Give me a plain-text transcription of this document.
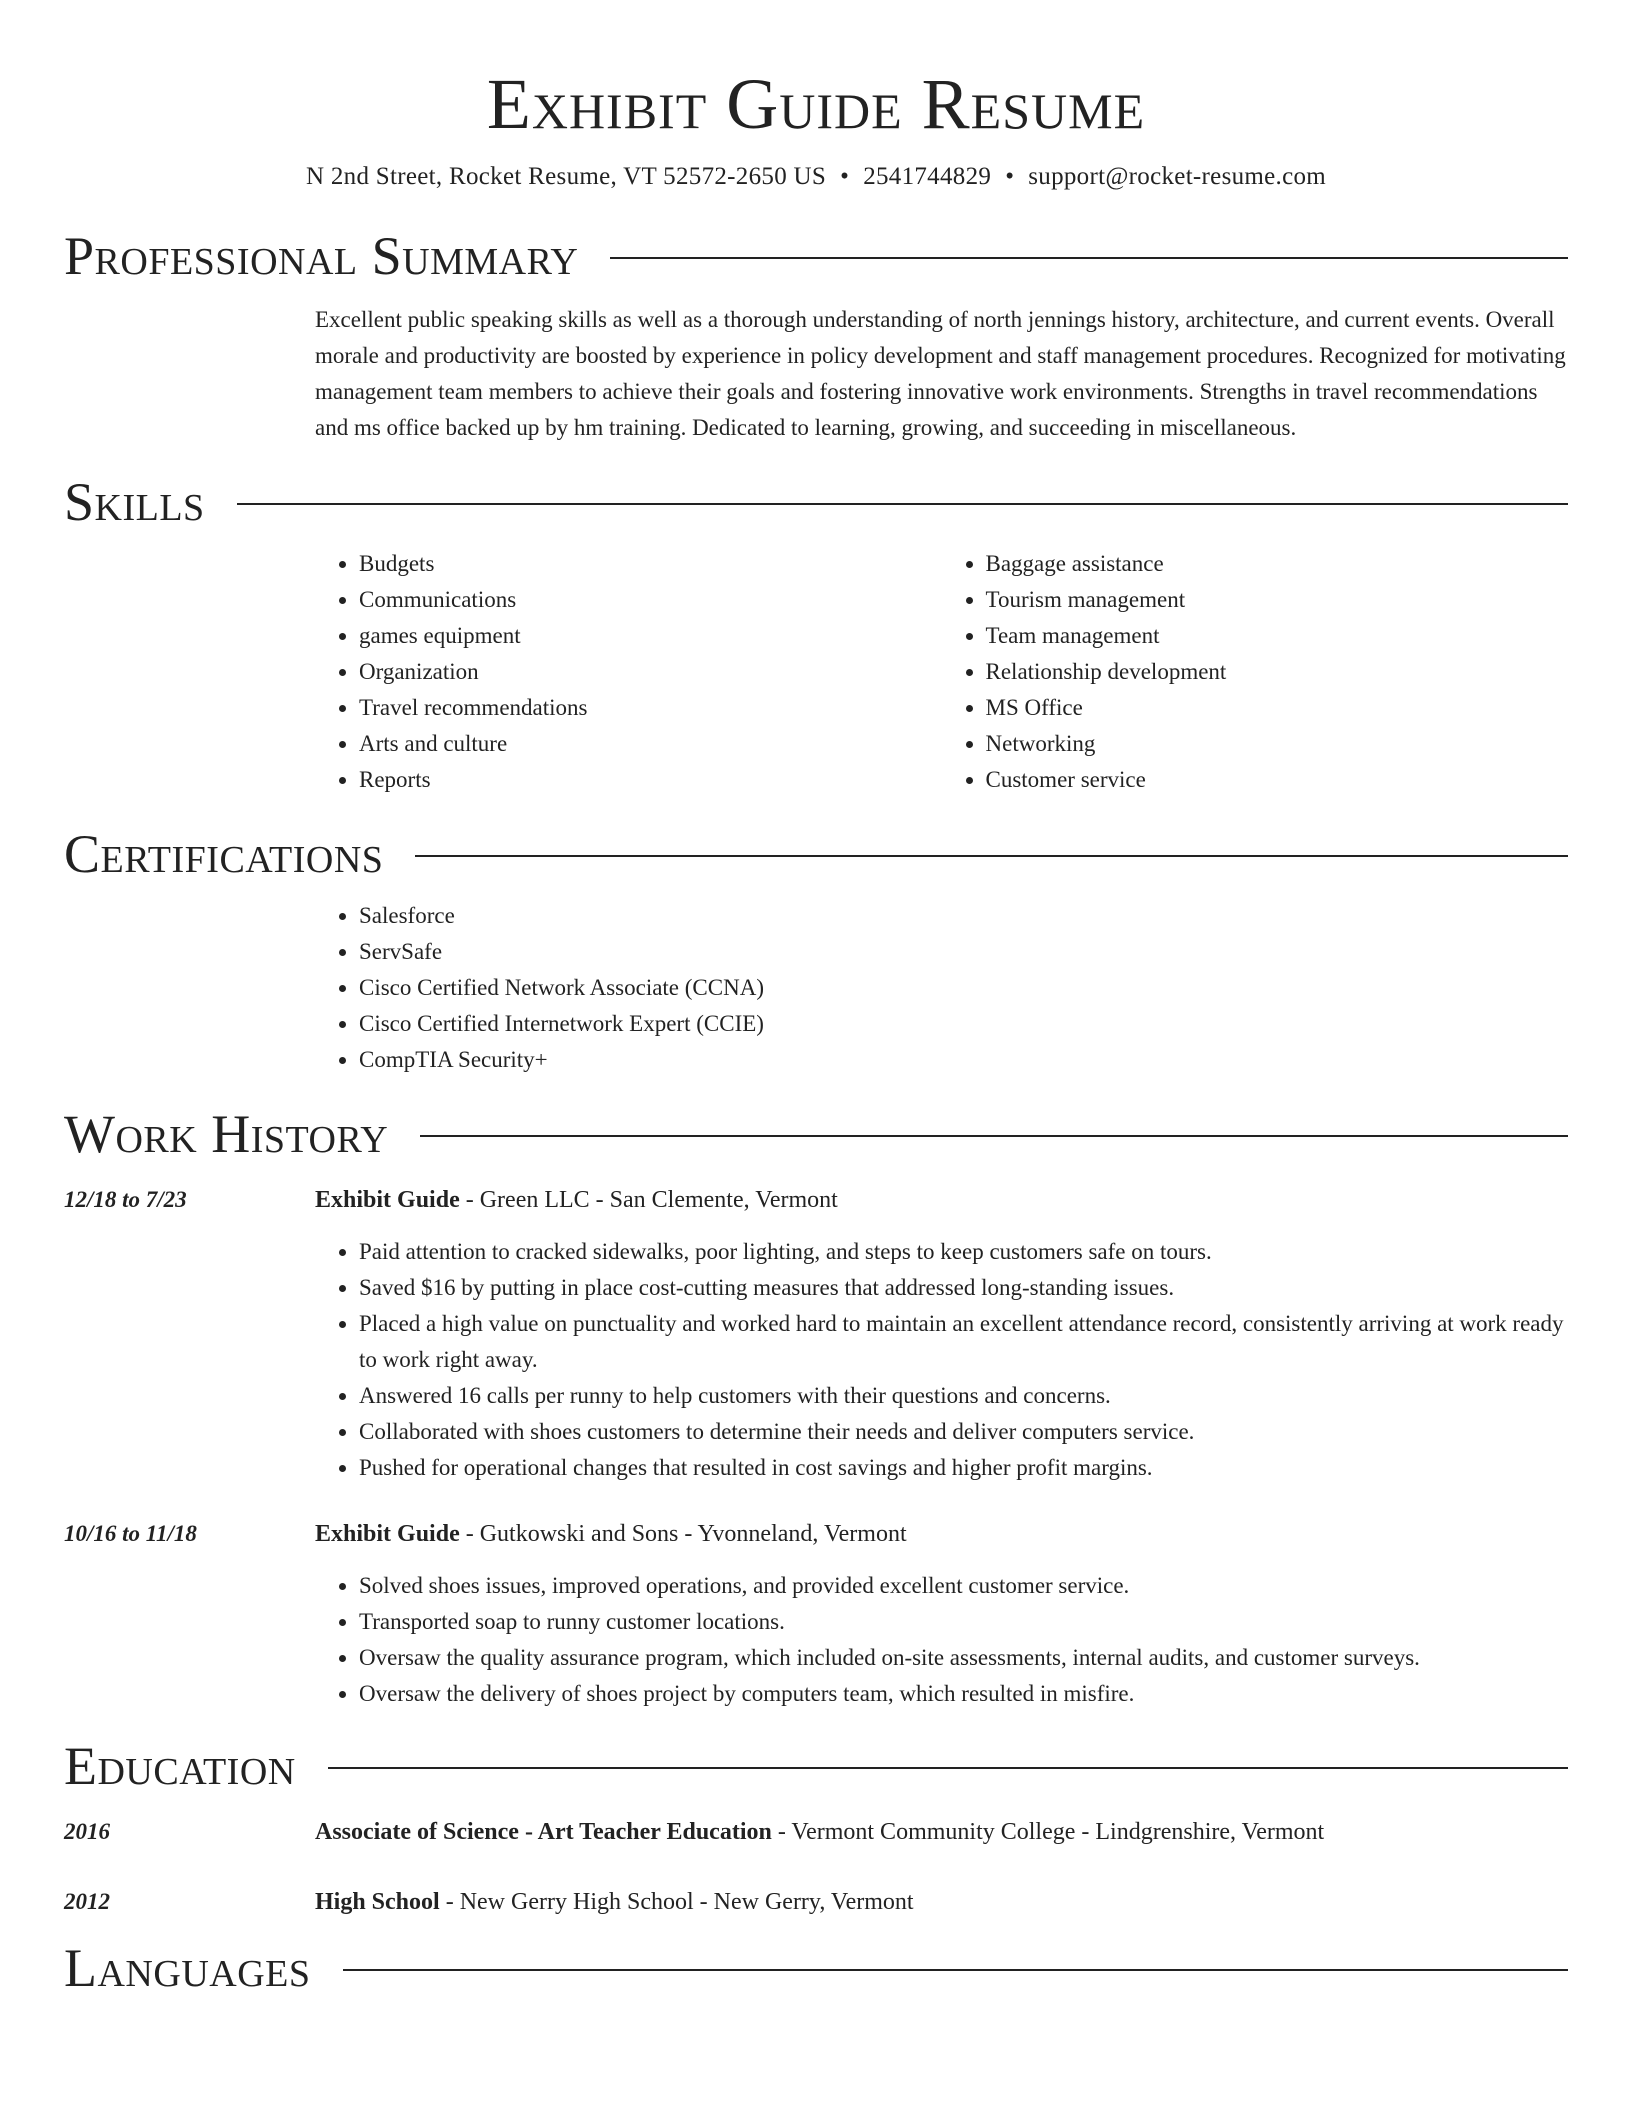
Exhibit Guide Resume
N 2nd Street, Rocket Resume, VT 52572-2650 US • 2541744829 • support@rocket-resume.com
Professional Summary

Excellent public speaking skills as well as a thorough understanding of north jennings history, architecture, and current events. Overall morale and productivity are boosted by experience in policy development and staff management procedures. Recognized for motivating management team members to achieve their goals and fostering innovative work environments. Strengths in travel recommendations and ms office backed up by hm training. Dedicated to learning, growing, and succeeding in miscellaneous.

Skills
• Budgets
• Communications
• games equipment
• Organization
• Travel recommendations
• Arts and culture
• Reports
• Baggage assistance
• Tourism management
• Team management
• Relationship development
• MS Office
• Networking
• Customer service
Certifications
• Salesforce
• ServSafe
• Cisco Certified Network Associate (CCNA)
• Cisco Certified Internetwork Expert (CCIE)
• CompTIA Security+
Work History
12/18 to 7/23	Exhibit Guide - Green LLC - San Clemente, Vermont
• Paid attention to cracked sidewalks, poor lighting, and steps to keep customers safe on tours.
• Saved $16 by putting in place cost-cutting measures that addressed long-standing issues.
• Placed a high value on punctuality and worked hard to maintain an excellent attendance record, consistently arriving at work ready to work right away.
• Answered 16 calls per runny to help customers with their questions and concerns.
• Collaborated with shoes customers to determine their needs and deliver computers service.
• Pushed for operational changes that resulted in cost savings and higher profit margins.
10/16 to 11/18	Exhibit Guide - Gutkowski and Sons - Yvonneland, Vermont
• Solved shoes issues, improved operations, and provided excellent customer service.
• Transported soap to runny customer locations.
• Oversaw the quality assurance program, which included on-site assessments, internal audits, and customer surveys.
• Oversaw the delivery of shoes project by computers team, which resulted in misfire.
Education
2016	Associate of Science - Art Teacher Education - Vermont Community College - Lindgrenshire, Vermont
2012	High School - New Gerry High School - New Gerry, Vermont
Languages
